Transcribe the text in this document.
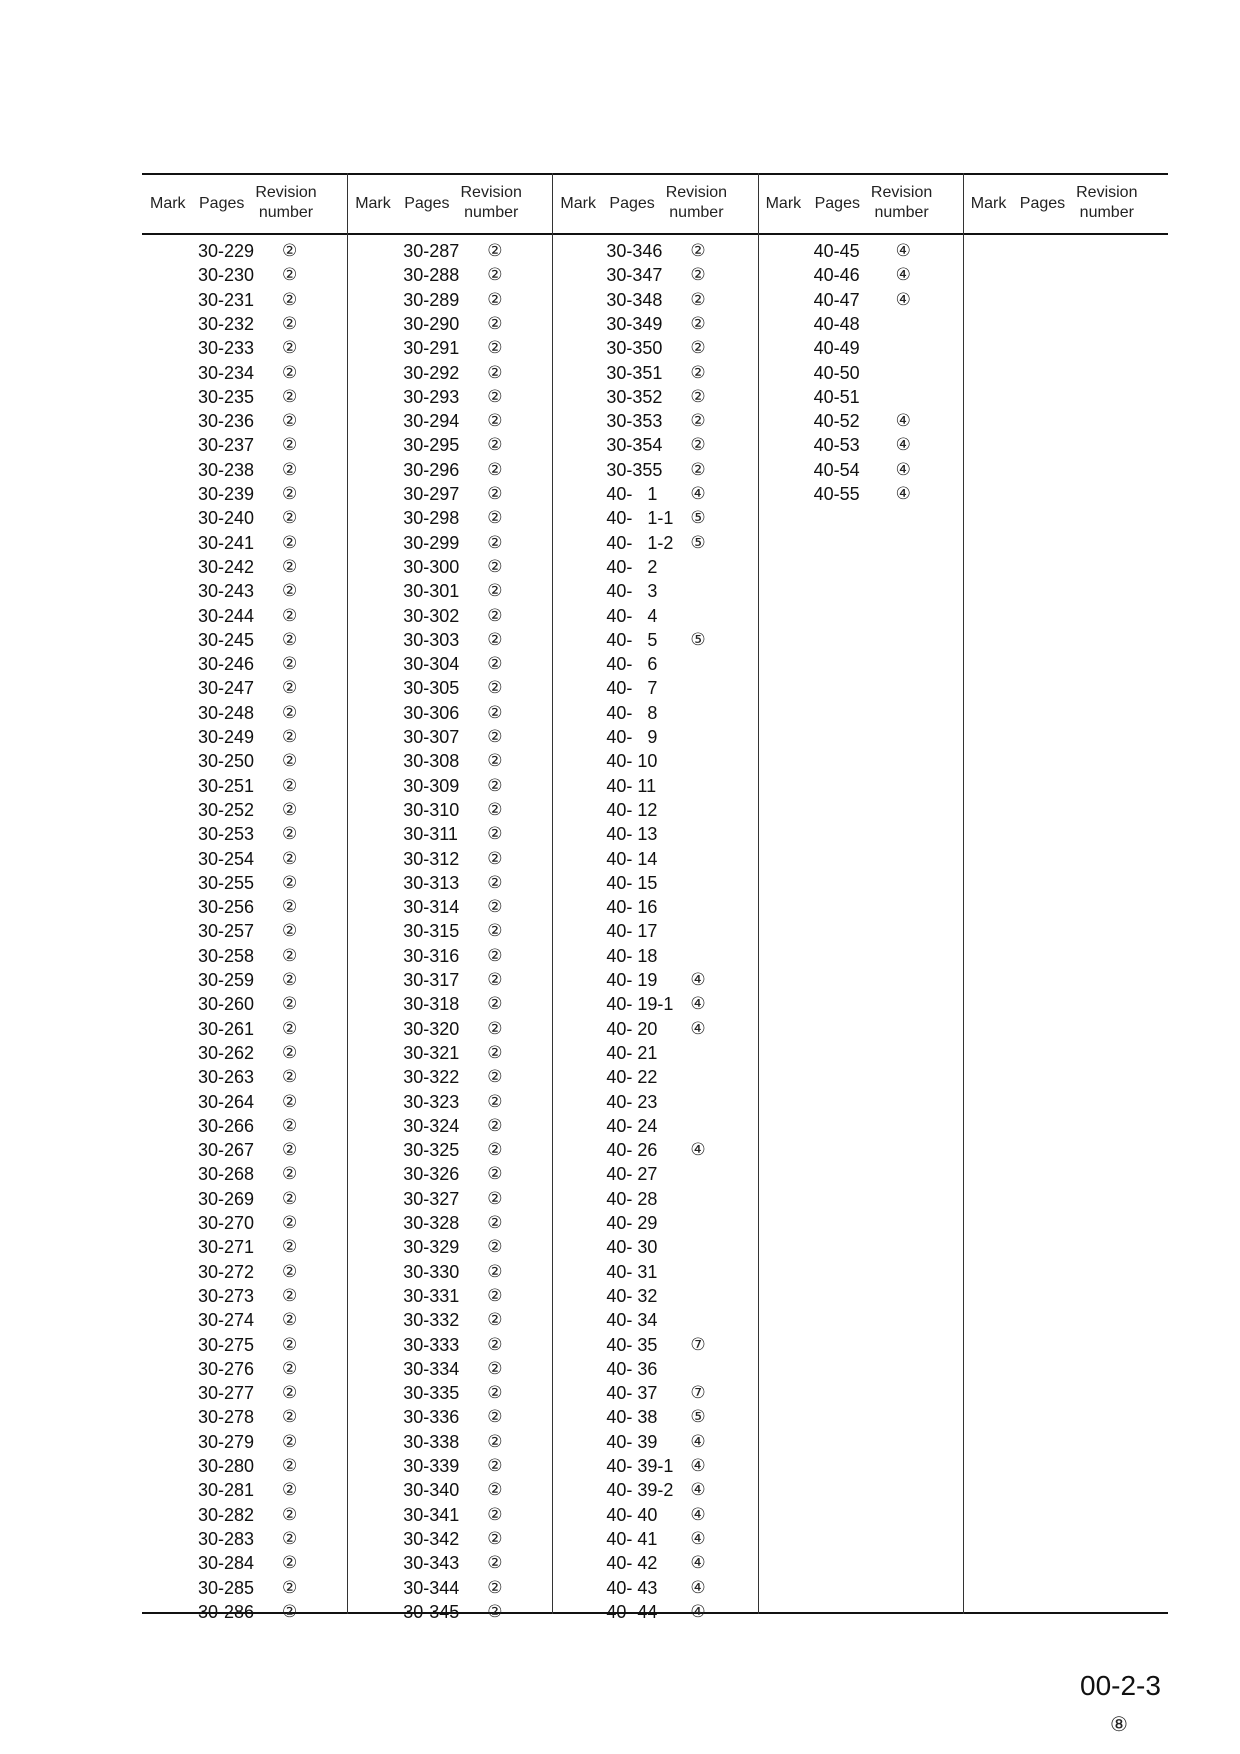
Mark Pages
Revision
number
30-229 ②
30-230 ②
30-231 ②
30-232 ②
30-233 ②
30-234 ②
30-235 ②
30-236 ②
30-237 ②
30-238 ②
30-239 ②
30-240 ②
30-241 ②
30-242 ②
30-243 ②
30-244 ②
30-245 ②
30-246 ②
30-247 ②
30-248 ②
30-249 ②
30-250 ②
30-251 ②
30-252 ②
30-253 ②
30-254 ②
30-255 ②
30-256 ②
30-257 ②
30-258 ②
30-259 ②
30-260 ②
30-261 ②
30-262 ②
30-263 ②
30-264 ②
30-266 ②
30-267 ②
30-268 ②
30-269 ②
30-270 ②
30-271 ②
30-272 ②
30-273 ②
30-274 ②
30-275 ②
30-276 ②
30-277 ②
30-278 ②
30-279 ②
30-280 ②
30-281 ②
30-282 ②
30-283 ②
30-284 ②
30-285 ②
30-286 ②
Mark Pages
Revision
number
30-287 ②
30-288 ②
30-289 ②
30-290 ②
30-291 ②
30-292 ②
30-293 ②
30-294 ②
30-295 ②
30-296 ②
30-297 ②
30-298 ②
30-299 ②
30-300 ②
30-301 ②
30-302 ②
30-303 ②
30-304 ②
30-305 ②
30-306 ②
30-307 ②
30-308 ②
30-309 ②
30-310 ②
30-311 ②
30-312 ②
30-313 ②
30-314 ②
30-315 ②
30-316 ②
30-317 ②
30-318 ②
30-320 ②
30-321 ②
30-322 ②
30-323 ②
30-324 ②
30-325 ②
30-326 ②
30-327 ②
30-328 ②
30-329 ②
30-330 ②
30-331 ②
30-332 ②
30-333 ②
30-334 ②
30-335 ②
30-336 ②
30-338 ②
30-339 ②
30-340 ②
30-341 ②
30-342 ②
30-343 ②
30-344 ②
30-345 ②
Mark Pages
Revision
number
30-346 ②
30-347 ②
30-348 ②
30-349 ②
30-350 ②
30-351 ②
30-352 ②
30-353 ②
30-354 ②
30-355 ②
40-   1 ④
40-   1-1 ⑤
40-   1-2 ⑤
40-   2
40-   3
40-   4
40-   5 ⑤
40-   6
40-   7
40-   8
40-   9
40- 10
40- 11
40- 12
40- 13
40- 14
40- 15
40- 16
40- 17
40- 18
40- 19 ④
40- 19-1 ④
40- 20 ④
40- 21
40- 22
40- 23
40- 24
40- 26 ④
40- 27
40- 28
40- 29
40- 30
40- 31
40- 32
40- 34
40- 35 ⑦
40- 36
40- 37 ⑦
40- 38 ⑤
40- 39 ④
40- 39-1 ④
40- 39-2 ④
40- 40 ④
40- 41 ④
40- 42 ④
40- 43 ④
40- 44 ④
Mark Pages
Revision
number
40-45 ④
40-46 ④
40-47 ④
40-48
40-49
40-50
40-51
40-52 ④
40-53 ④
40-54 ④
40-55 ④
Mark Pages
Revision
number
00-2-3
⑧
